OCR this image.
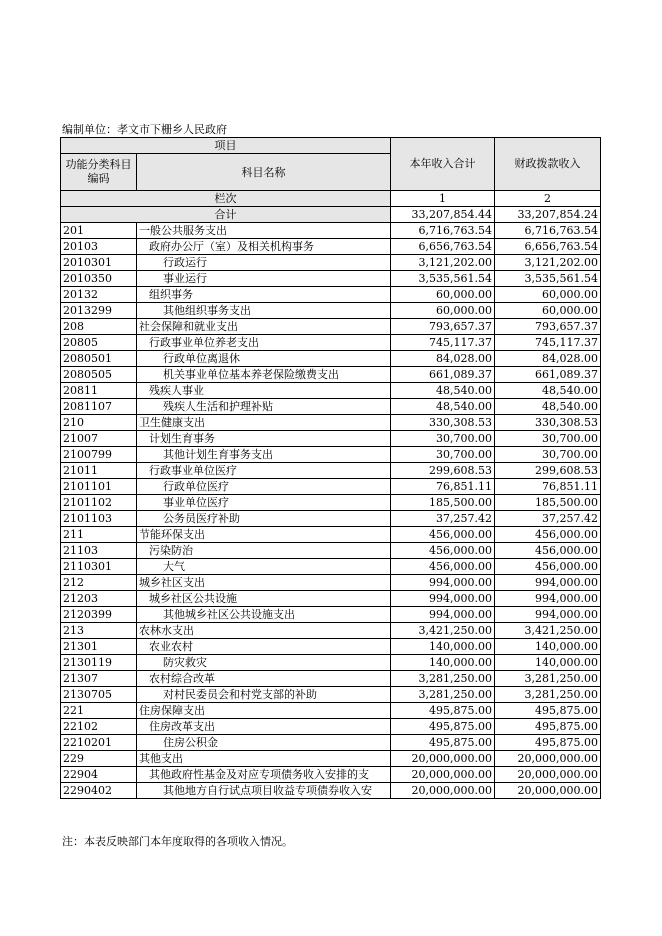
编制单位：孝文市下栅乡人民政府
项目		本年收入合计	财政拨款收入
功能分类科目编码	科目名称		
栏次		1	2
合计		33,207,854.44	33,207,854.24
201	一般公共服务支出	6,716,763.54	6,716,763.54
20103	政府办公厅（室）及相关机构事务	6,656,763.54	6,656,763.54
2010301	行政运行	3,121,202.00	3,121,202.00
2010350	事业运行	3,535,561.54	3,535,561.54
20132	组织事务	60,000.00	60,000.00
2013299	其他组织事务支出	60,000.00	60,000.00
208	社会保障和就业支出	793,657.37	793,657.37
20805	行政事业单位养老支出	745,117.37	745,117.37
2080501	行政单位离退休	84,028.00	84,028.00
2080505	机关事业单位基本养老保险缴费支出	661,089.37	661,089.37
20811	残疾人事业	48,540.00	48,540.00
2081107	残疾人生活和护理补贴	48,540.00	48,540.00
210	卫生健康支出	330,308.53	330,308.53
21007	计划生育事务	30,700.00	30,700.00
2100799	其他计划生育事务支出	30,700.00	30,700.00
21011	行政事业单位医疗	299,608.53	299,608.53
2101101	行政单位医疗	76,851.11	76,851.11
2101102	事业单位医疗	185,500.00	185,500.00
2101103	公务员医疗补助	37,257.42	37,257.42
211	节能环保支出	456,000.00	456,000.00
21103	污染防治	456,000.00	456,000.00
2110301	大气	456,000.00	456,000.00
212	城乡社区支出	994,000.00	994,000.00
21203	城乡社区公共设施	994,000.00	994,000.00
2120399	其他城乡社区公共设施支出	994,000.00	994,000.00
213	农林水支出	3,421,250.00	3,421,250.00
21301	农业农村	140,000.00	140,000.00
2130119	防灾救灾	140,000.00	140,000.00
21307	农村综合改革	3,281,250.00	3,281,250.00
2130705	对村民委员会和村党支部的补助	3,281,250.00	3,281,250.00
221	住房保障支出	495,875.00	495,875.00
22102	住房改革支出	495,875.00	495,875.00
2210201	住房公积金	495,875.00	495,875.00
229	其他支出	20,000,000.00	20,000,000.00
22904	其他政府性基金及对应专项债务收入安排的支	20,000,000.00	20,000,000.00
2290402	其他地方自行试点项目收益专项债券收入安	20,000,000.00	20,000,000.00
注：本表反映部门本年度取得的各项收入情况。
